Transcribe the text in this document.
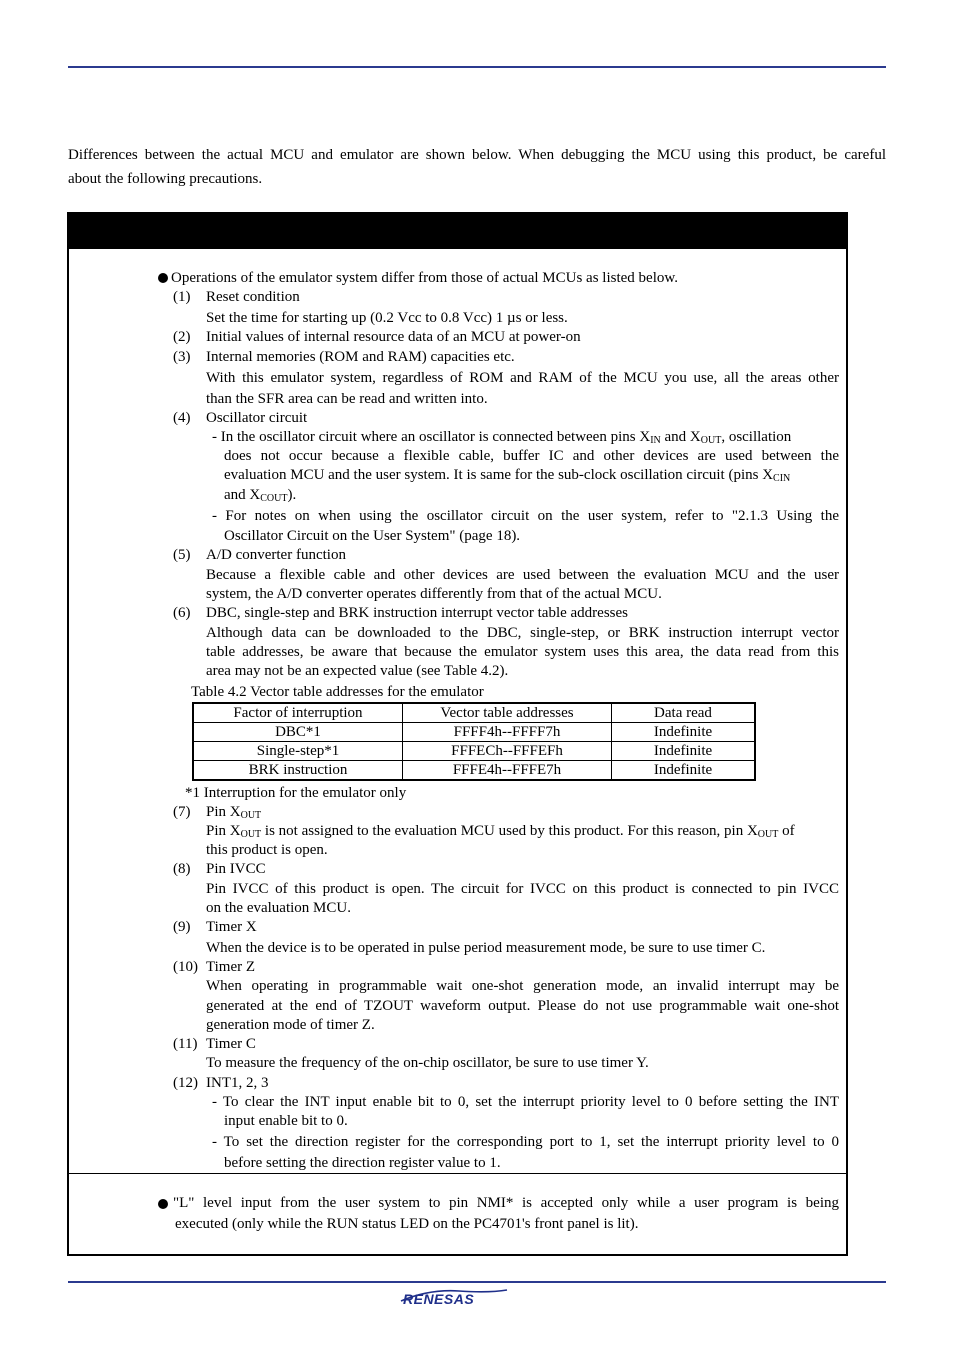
Differences between the actual MCU and emulator are shown below. When debugging the MCU using this product, be careful
about the following precautions.
Operations of the emulator system differ from those of actual MCUs as listed below.
(1)	Reset condition
Set the time for starting up (0.2 Vcc to 0.8 Vcc) 1 µs or less.
(2)	Initial values of internal resource data of an MCU at power-on
(3)	Internal memories (ROM and RAM) capacities etc.
With this emulator system, regardless of ROM and RAM of the MCU you use, all the areas other
than the SFR area can be read and written into.
(4)	Oscillator circuit
- In the oscillator circuit where an oscillator is connected between pins $X_{IN}$ and $X_{OUT}$, oscillation
does not occur because a flexible cable, buffer IC and other devices are used between the
evaluation MCU and the user system. It is same for the sub-clock oscillation circuit (pins $X_{CIN}$
and $X_{COUT}$).
- For notes on when using the oscillator circuit on the user system, refer to "2.1.3 Using the
Oscillator Circuit on the User System" (page 18).
(5)	A/D converter function
Because a flexible cable and other devices are used between the evaluation MCU and the user
system, the A/D converter operates differently from that of the actual MCU.
(6)	DBC, single-step and BRK instruction interrupt vector table addresses
Although data can be downloaded to the DBC, single-step, or BRK instruction interrupt vector
table addresses, be aware that because the emulator system uses this area, the data read from this
area may not be an expected value (see Table 4.2).
Table 4.2 Vector table addresses for the emulator
Factor of interruption	Vector table addresses	Data read
DBC*1	FFFF4h--FFFF7h	Indefinite
Single-step*1	FFFECh--FFFEFh	Indefinite
BRK instruction	FFFE4h--FFFE7h	Indefinite
*1 Interruption for the emulator only
(7)	Pin $X_{OUT}$
Pin $X_{OUT}$ is not assigned to the evaluation MCU used by this product. For this reason, pin $X_{OUT}$ of
this product is open.
(8)	Pin IVCC
Pin IVCC of this product is open. The circuit for IVCC on this product is connected to pin IVCC
on the evaluation MCU.
(9)	Timer X
When the device is to be operated in pulse period measurement mode, be sure to use timer C.
(10) Timer Z
When operating in programmable wait one-shot generation mode, an invalid interrupt may be
generated at the end of TZOUT waveform output. Please do not use programmable wait one-shot
generation mode of timer Z.
(11) Timer C
To measure the frequency of the on-chip oscillator, be sure to use timer Y.
(12) INT1, 2, 3
- To clear the INT input enable bit to 0, set the interrupt priority level to 0 before setting the INT
input enable bit to 0.
- To set the direction register for the corresponding port to 1, set the interrupt priority level to 0
before setting the direction register value to 1.
"L" level input from the user system to pin NMI* is accepted only while a user program is being
executed (only while the RUN status LED on the PC4701's front panel is lit).
RENESAS
